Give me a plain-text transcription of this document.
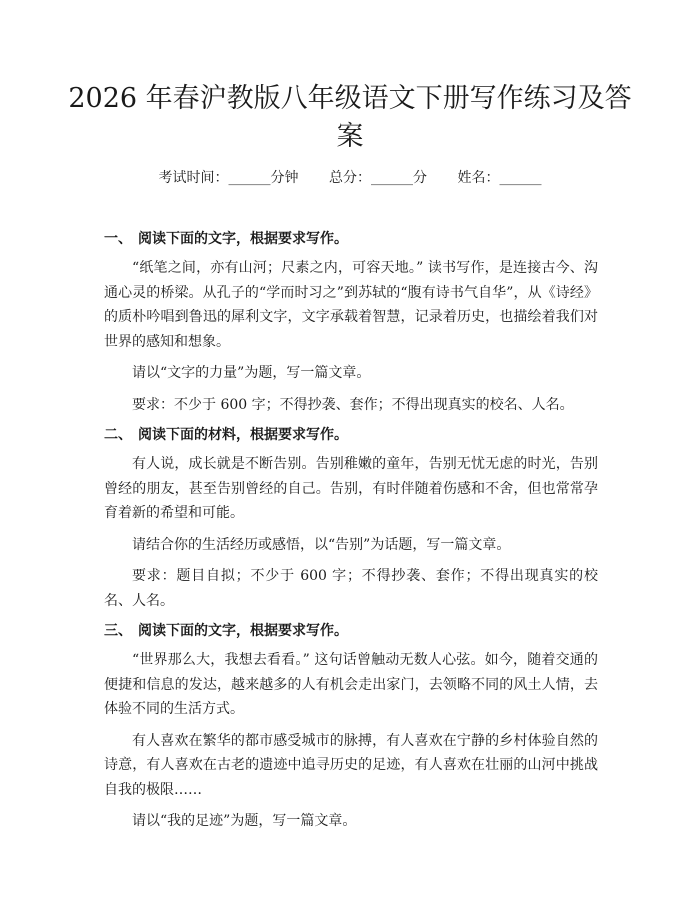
2026 年春沪教版八年级语文下册写作练习及答案
考试时间：______分钟 总分：______分 姓名：______
一、 阅读下面的文字，根据要求写作。

“纸笔之间，亦有山河；尺素之内，可容天地。” 读书写作，是连接古今、沟通心灵的桥梁。从孔子的“学而时习之”到苏轼的“腹有诗书气自华”，从《诗经》的质朴吟唱到鲁迅的犀利文字，文字承载着智慧，记录着历史，也描绘着我们对世界的感知和想象。

请以“文字的力量”为题，写一篇文章。

要求：不少于 600 字；不得抄袭、套作；不得出现真实的校名、人名。

二、 阅读下面的材料，根据要求写作。

有人说，成长就是不断告别。告别稚嫩的童年，告别无忧无虑的时光，告别曾经的朋友，甚至告别曾经的自己。告别，有时伴随着伤感和不舍，但也常常孕育着新的希望和可能。

请结合你的生活经历或感悟，以“告别”为话题，写一篇文章。

要求：题目自拟；不少于 600 字；不得抄袭、套作；不得出现真实的校名、人名。

三、 阅读下面的文字，根据要求写作。

“世界那么大，我想去看看。” 这句话曾触动无数人心弦。如今，随着交通的便捷和信息的发达，越来越多的人有机会走出家门，去领略不同的风土人情，去体验不同的生活方式。

有人喜欢在繁华的都市感受城市的脉搏，有人喜欢在宁静的乡村体验自然的诗意，有人喜欢在古老的遗迹中追寻历史的足迹，有人喜欢在壮丽的山河中挑战自我的极限……

请以“我的足迹”为题，写一篇文章。
